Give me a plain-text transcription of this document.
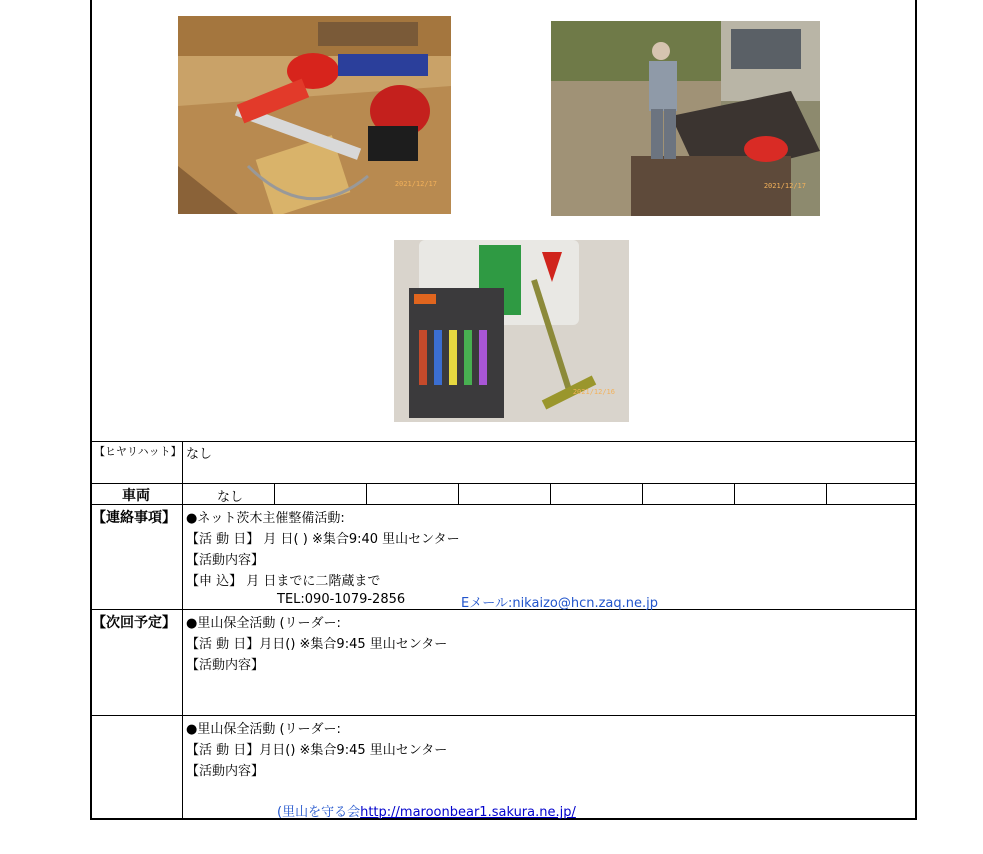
2021/12/17	2021/12/17
2021/12/16
【ヒヤリハット】 なし
車両	なし
【連絡事項】 ●ネット茨木主催整備活動:
【活 動 日】 月 日( ) ※集合9:40 里山センター
【活動内容】
【申 込】 月 日までに二階蔵まで
TEL:090-1079-2856	Eメール:nikaizo@hcn.zaq.ne.jp
【次回予定】 ●里山保全活動 (リーダー:
【活 動 日】月日() ※集合9:45 里山センター
【活動内容】
●里山保全活動 (リーダー:
【活 動 日】月日() ※集合9:45 里山センター
【活動内容】
(里山を守る会http://maroonbear1.sakura.ne.jp/
